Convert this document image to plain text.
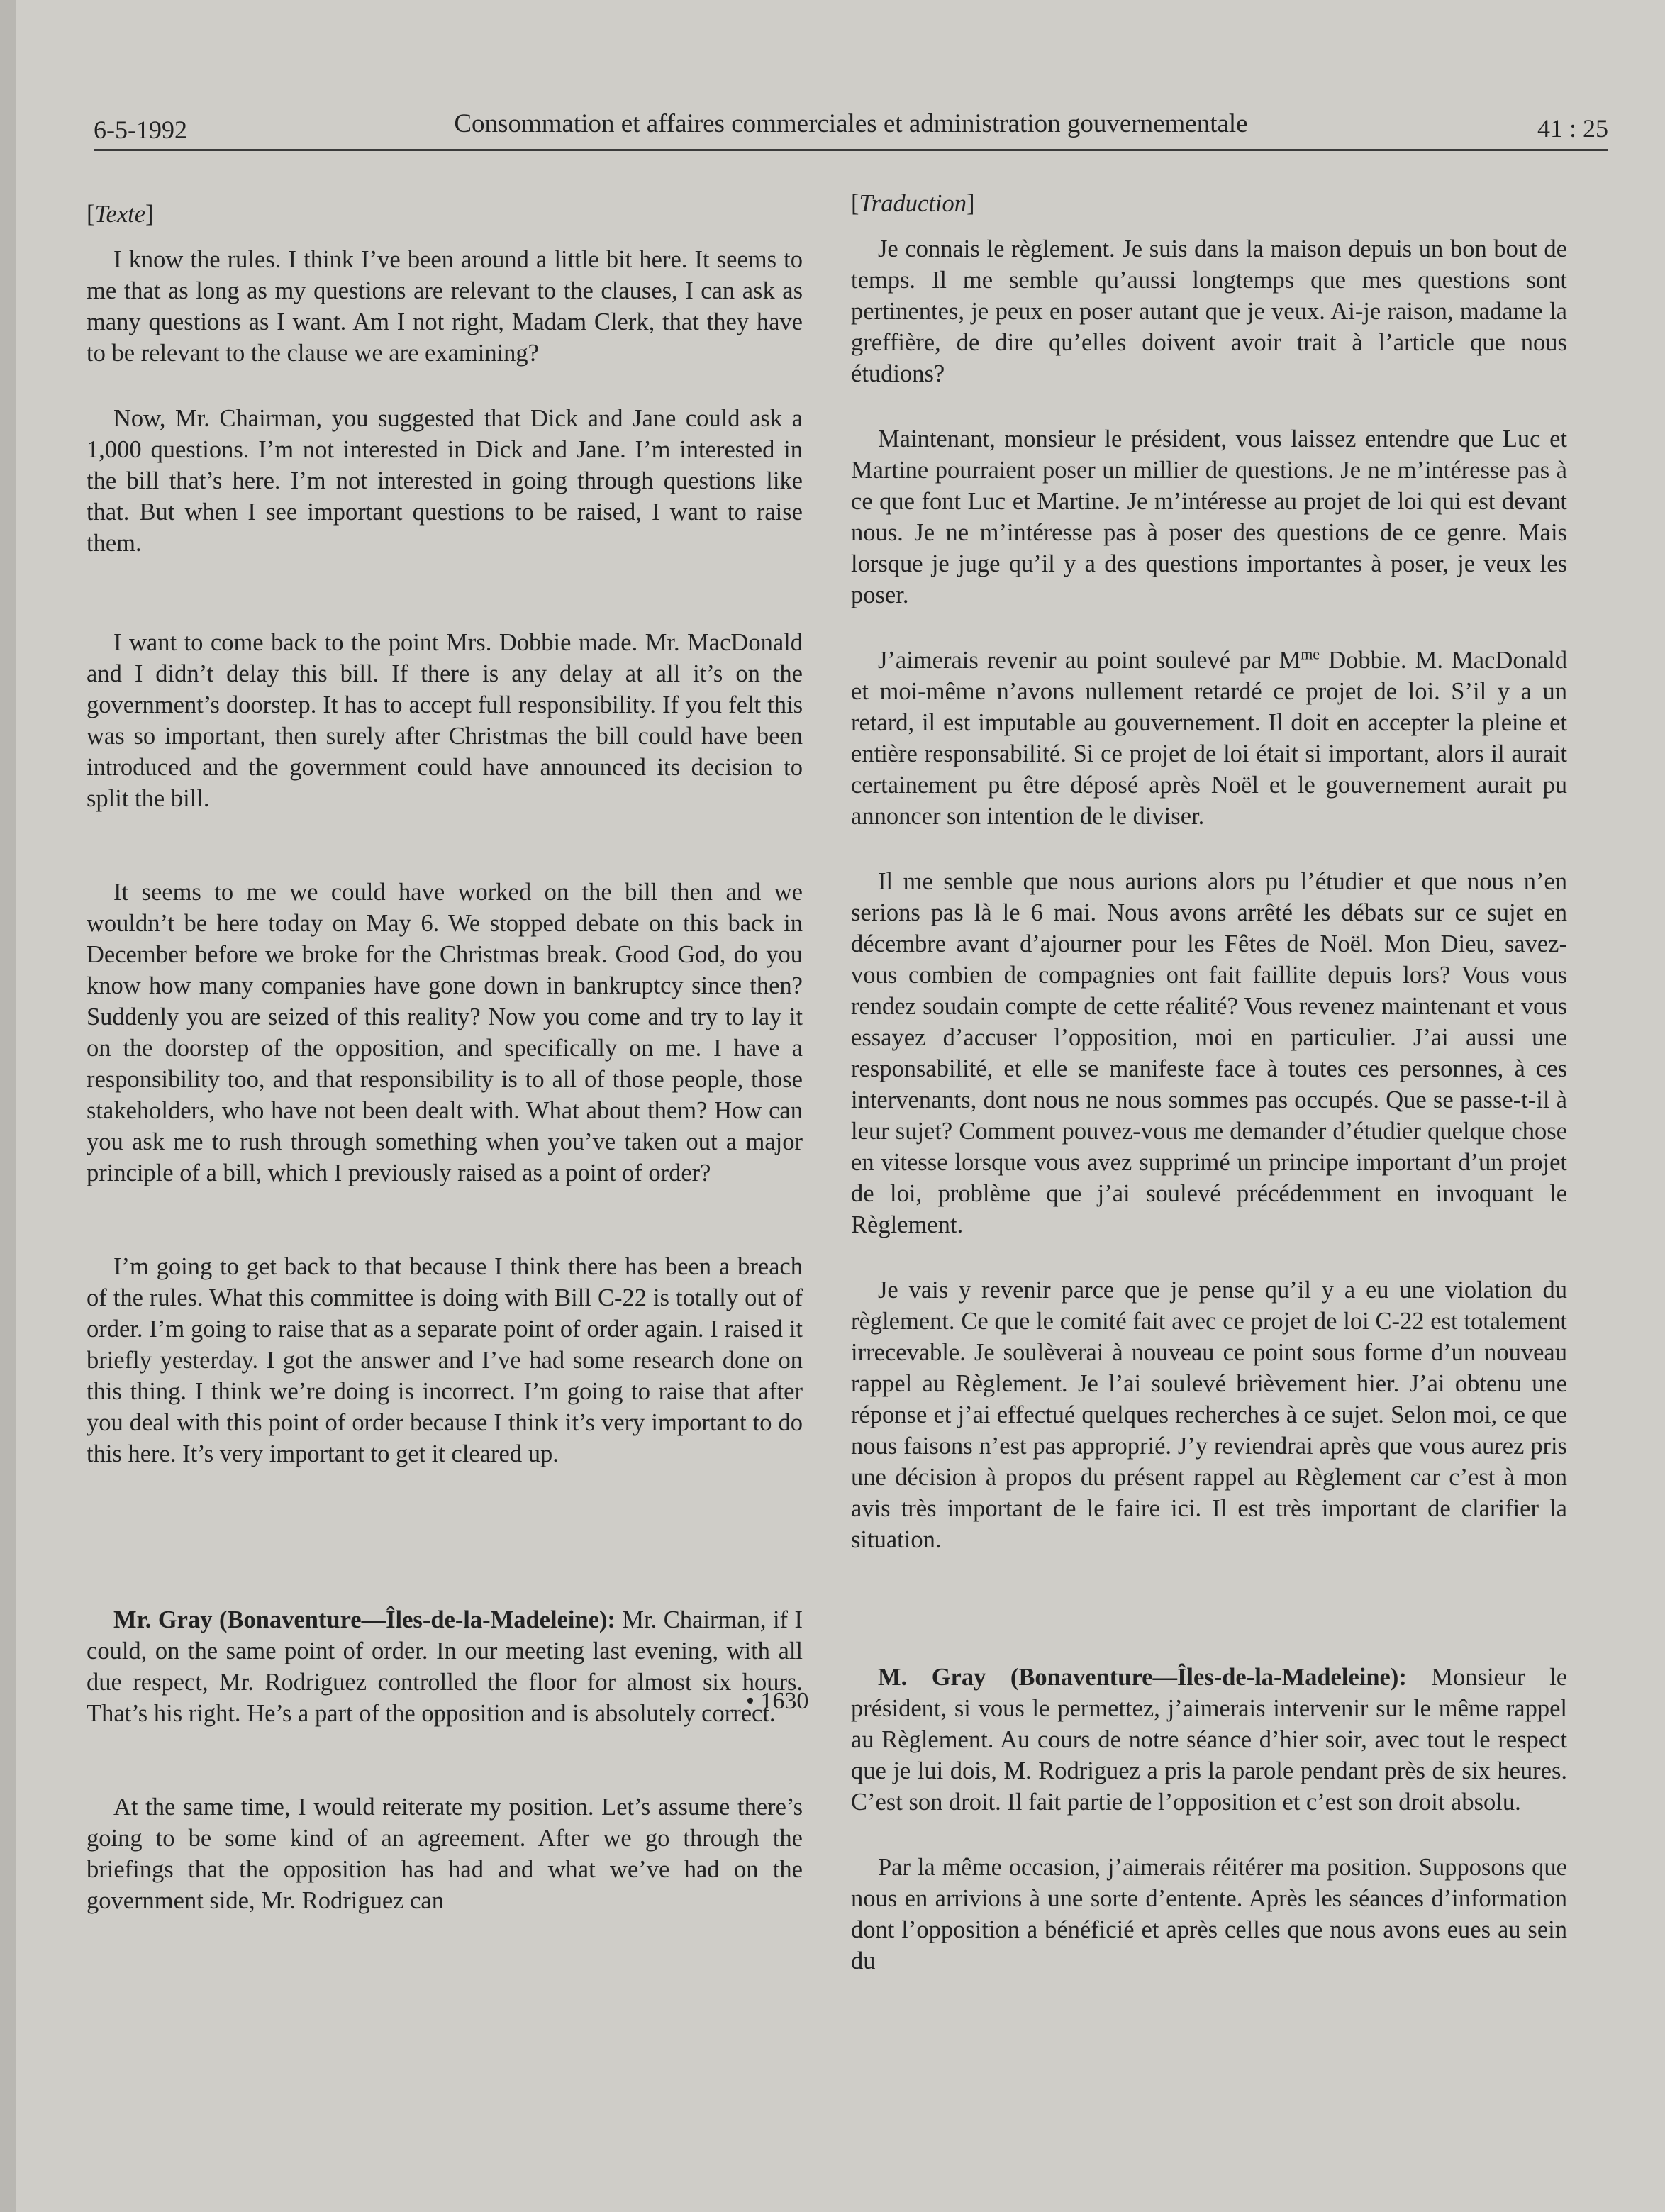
6-5-1992	Consommation et affaires commerciales et administration gouvernementale	41 : 25

[Texte]

I know the rules. I think I’ve been around a little bit here. It seems to me that as long as my questions are relevant to the clauses, I can ask as many questions as I want. Am I not right, Madam Clerk, that they have to be relevant to the clause we are examining?

Now, Mr. Chairman, you suggested that Dick and Jane could ask a 1,000 questions. I’m not interested in Dick and Jane. I’m interested in the bill that’s here. I’m not interested in going through questions like that. But when I see important questions to be raised, I want to raise them.

I want to come back to the point Mrs. Dobbie made. Mr. MacDonald and I didn’t delay this bill. If there is any delay at all it’s on the government’s doorstep. It has to accept full responsibility. If you felt this was so important, then surely after Christmas the bill could have been introduced and the government could have announced its decision to split the bill.

It seems to me we could have worked on the bill then and we wouldn’t be here today on May 6. We stopped debate on this back in December before we broke for the Christmas break. Good God, do you know how many companies have gone down in bankruptcy since then? Suddenly you are seized of this reality? Now you come and try to lay it on the doorstep of the opposition, and specifically on me. I have a responsibility too, and that responsibility is to all of those people, those stakeholders, who have not been dealt with. What about them? How can you ask me to rush through something when you’ve taken out a major principle of a bill, which I previously raised as a point of order?

I’m going to get back to that because I think there has been a breach of the rules. What this committee is doing with Bill C-22 is totally out of order. I’m going to raise that as a separate point of order again. I raised it briefly yesterday. I got the answer and I’ve had some research done on this thing. I think we’re doing is incorrect. I’m going to raise that after you deal with this point of order because I think it’s very important to do this here. It’s very important to get it cleared up.

Mr. Gray (Bonaventure—Îles-de-la-Madeleine): Mr. Chairman, if I could, on the same point of order. In our meeting last evening, with all due respect, Mr. Rodriguez controlled the floor for almost six hours. That’s his right. He’s a part of the opposition and is absolutely correct.

At the same time, I would reiterate my position. Let’s assume there’s going to be some kind of an agreement. After we go through the briefings that the opposition has had and what we’ve had on the government side, Mr. Rodriguez can

• 1630

[Traduction]

Je connais le règlement. Je suis dans la maison depuis un bon bout de temps. Il me semble qu’aussi longtemps que mes questions sont pertinentes, je peux en poser autant que je veux. Ai-je raison, madame la greffière, de dire qu’elles doivent avoir trait à l’article que nous étudions?

Maintenant, monsieur le président, vous laissez entendre que Luc et Martine pourraient poser un millier de questions. Je ne m’intéresse pas à ce que font Luc et Martine. Je m’intéresse au projet de loi qui est devant nous. Je ne m’intéresse pas à poser des questions de ce genre. Mais lorsque je juge qu’il y a des questions importantes à poser, je veux les poser.

J’aimerais revenir au point soulevé par $M^{me}$ Dobbie. M. MacDonald et moi-même n’avons nullement retardé ce projet de loi. S’il y a un retard, il est imputable au gouvernement. Il doit en accepter la pleine et entière responsabilité. Si ce projet de loi était si important, alors il aurait certainement pu être déposé après Noël et le gouvernement aurait pu annoncer son intention de le diviser.

Il me semble que nous aurions alors pu l’étudier et que nous n’en serions pas là le 6 mai. Nous avons arrêté les débats sur ce sujet en décembre avant d’ajourner pour les Fêtes de Noël. Mon Dieu, savez-vous combien de compagnies ont fait faillite depuis lors? Vous vous rendez soudain compte de cette réalité? Vous revenez maintenant et vous essayez d’accuser l’opposition, moi en particulier. J’ai aussi une responsabilité, et elle se manifeste face à toutes ces personnes, à ces intervenants, dont nous ne nous sommes pas occupés. Que se passe-t-il à leur sujet? Comment pouvez-vous me demander d’étudier quelque chose en vitesse lorsque vous avez supprimé un principe important d’un projet de loi, problème que j’ai soulevé précédemment en invoquant le Règlement.

Je vais y revenir parce que je pense qu’il y a eu une violation du règlement. Ce que le comité fait avec ce projet de loi C-22 est totalement irrecevable. Je soulèverai à nouveau ce point sous forme d’un nouveau rappel au Règlement. Je l’ai soulevé brièvement hier. J’ai obtenu une réponse et j’ai effectué quelques recherches à ce sujet. Selon moi, ce que nous faisons n’est pas approprié. J’y reviendrai après que vous aurez pris une décision à propos du présent rappel au Règlement car c’est à mon avis très important de le faire ici. Il est très important de clarifier la situation.

M. Gray (Bonaventure—Îles-de-la-Madeleine): Monsieur le président, si vous le permettez, j’aimerais intervenir sur le même rappel au Règlement. Au cours de notre séance d’hier soir, avec tout le respect que je lui dois, M. Rodriguez a pris la parole pendant près de six heures. C’est son droit. Il fait partie de l’opposition et c’est son droit absolu.

Par la même occasion, j’aimerais réitérer ma position. Supposons que nous en arrivions à une sorte d’entente. Après les séances d’information dont l’opposition a bénéficié et après celles que nous avons eues au sein du
